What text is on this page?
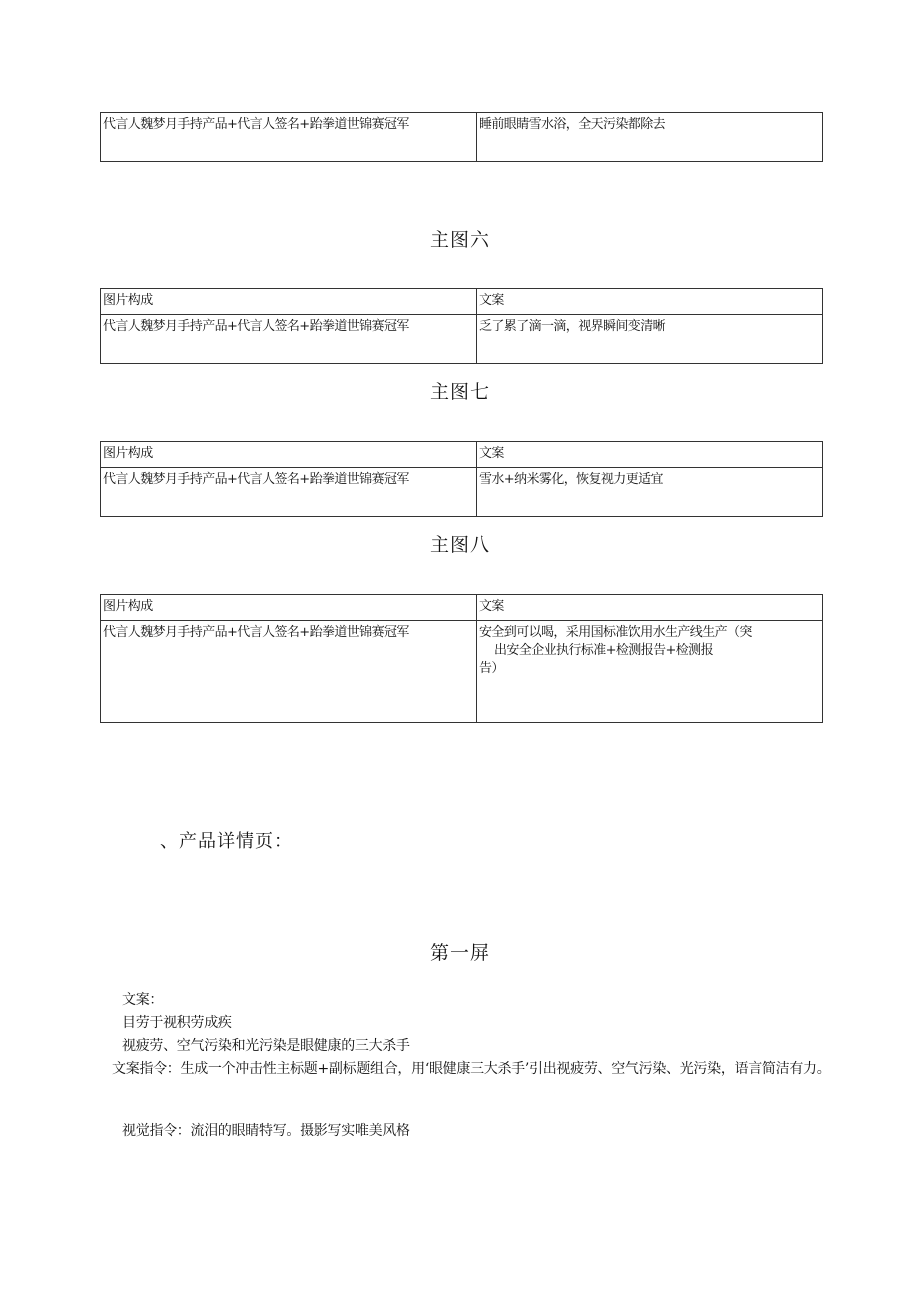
代言人魏梦月手持产品+代言人签名+跆拳道世锦赛冠军	睡前眼睛雪水浴，全天污染都除去
主图六
图片构成	文案
代言人魏梦月手持产品+代言人签名+跆拳道世锦赛冠军	乏了累了滴一滴，视界瞬间变清晰
主图七
图片构成	文案
代言人魏梦月手持产品+代言人签名+跆拳道世锦赛冠军	雪水+纳米雾化，恢复视力更适宜
主图八
图片构成	文案
代言人魏梦月手持产品+代言人签名+跆拳道世锦赛冠军	安全到可以喝，采用国标准饮用水生产线生产（突
出安全企业执行标准+检测报告+检测报
告）
、产品详情页：
第一屏
文案：
目劳于视积劳成疾
视疲劳、空气污染和光污染是眼健康的三大杀手
文案指令：生成一个冲击性主标题+副标题组合，用‘眼健康三大杀手’引出视疲劳、空气污染、光污染，语言简洁有力。
视觉指令：流泪的眼睛特写。摄影写实唯美风格
